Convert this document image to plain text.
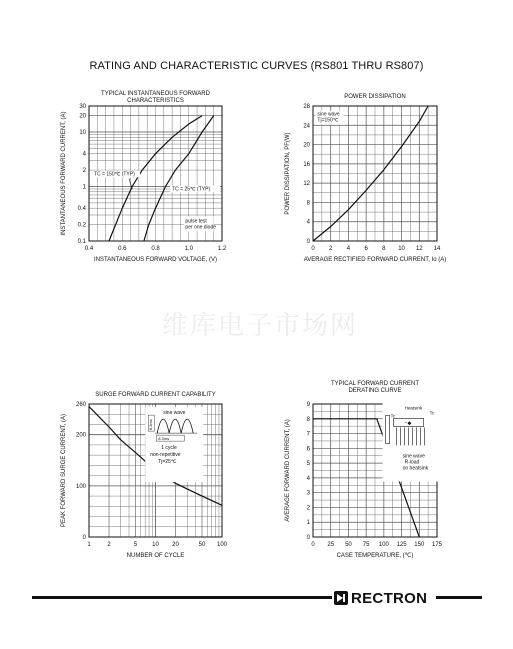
RATING AND CHARACTERISTIC CURVES (RS801 THRU RS807)
TYPICAL INSTANTANEOUS FORWARD
CHARACTERISTICS
INSTANTANEOUS FORWARD VOLTAGE, (V)
INSTANTANEOUS FORWARD CURRENT, (A)
0.4	0.6	0.8	1.0	1.2
0.1
0.2
0.4
1
2
4
10
20
30
TC = 150℃ (TYP)
TC = 25℃ (TYP)
pulse test
per one diode
POWER DISSIPATION
AVERAGE RECTIFIED FORWARD CURRENT, Io (A)
POWER DISSIPATION, PF(W)
0 2 4 6 8 10 12 14
0
4
8
12
16
20
24
28
sine wave
Tj=150℃
SURGE FORWARD CURRENT CAPABILITY
NUMBER OF CYCLE
PEAK FORWARD SURGE CURRENT, (A)
1	2	5	10 20	50 100
0
100
200
260
sine wave
8.3ms
8.3ms
1 cycle
non-repetitive
Tj=25℃
TYPICAL FORWARD CURRENT
DERATING CURVE
CASE TEMPERATURE, (℃)
AVERAGE FORWARD CURRENT, (A)
0 25 50 75 100 125 150 175
0
1
2
3
4
5
6
7
8
9	Heatsink
Tc
Tc
−◆
sine wave
R-load
on heatsink
维库电子市场网
RECTRON
